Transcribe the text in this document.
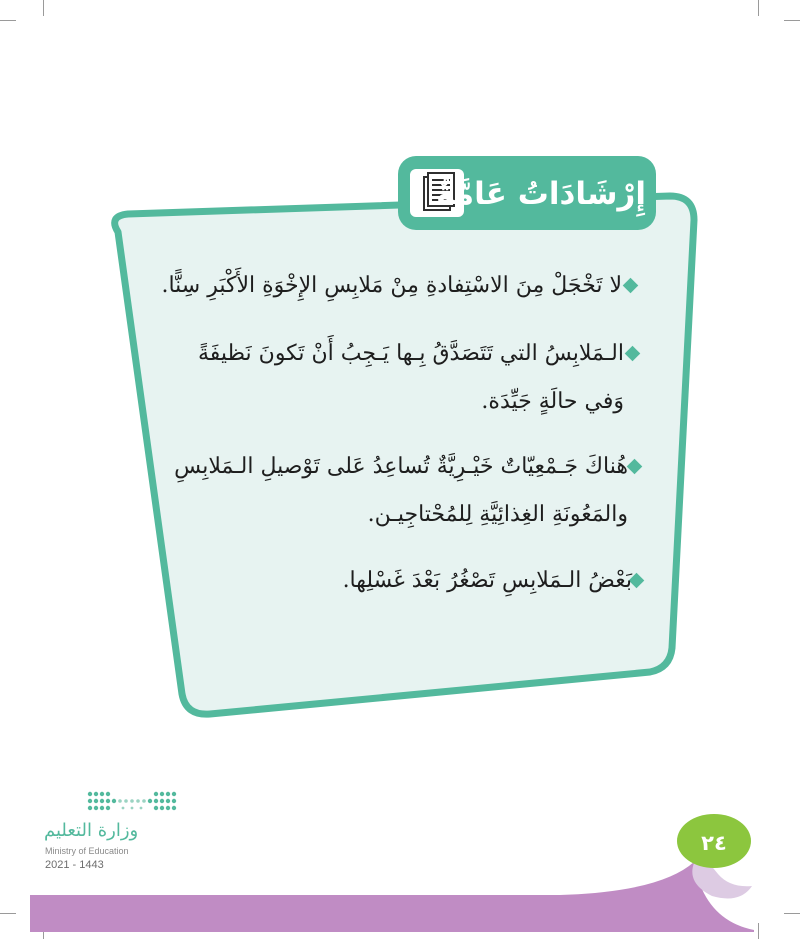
إِرْشَادَاتُ عَامَّةٌ
لا تَخْجَلْ مِنَ الاسْتِفادةِ مِنْ مَلابِسِ الإِخْوَةِ الأَكْبَرِ سِنًّا.
الـمَلابِسُ التي تَتَصَدَّقُ بِـها يَـجِبُ أَنْ تَكونَ نَظيفَةً
وَفي حالَةٍ جَيِّدَة.
هُناكَ جَـمْعِيّاتٌ خَيْـرِيَّةٌ تُساعِدُ عَلى تَوْصيلِ الـمَلابِسِ
والمَعُونَةِ الغِذائِيَّةِ لِلمُحْتاجِيـن.
بَعْضُ الـمَلابِسِ تَصْغُرُ بَعْدَ غَسْلِها.
وزارة التعليم
Ministry of Education
2021 - 1443
٢٤
